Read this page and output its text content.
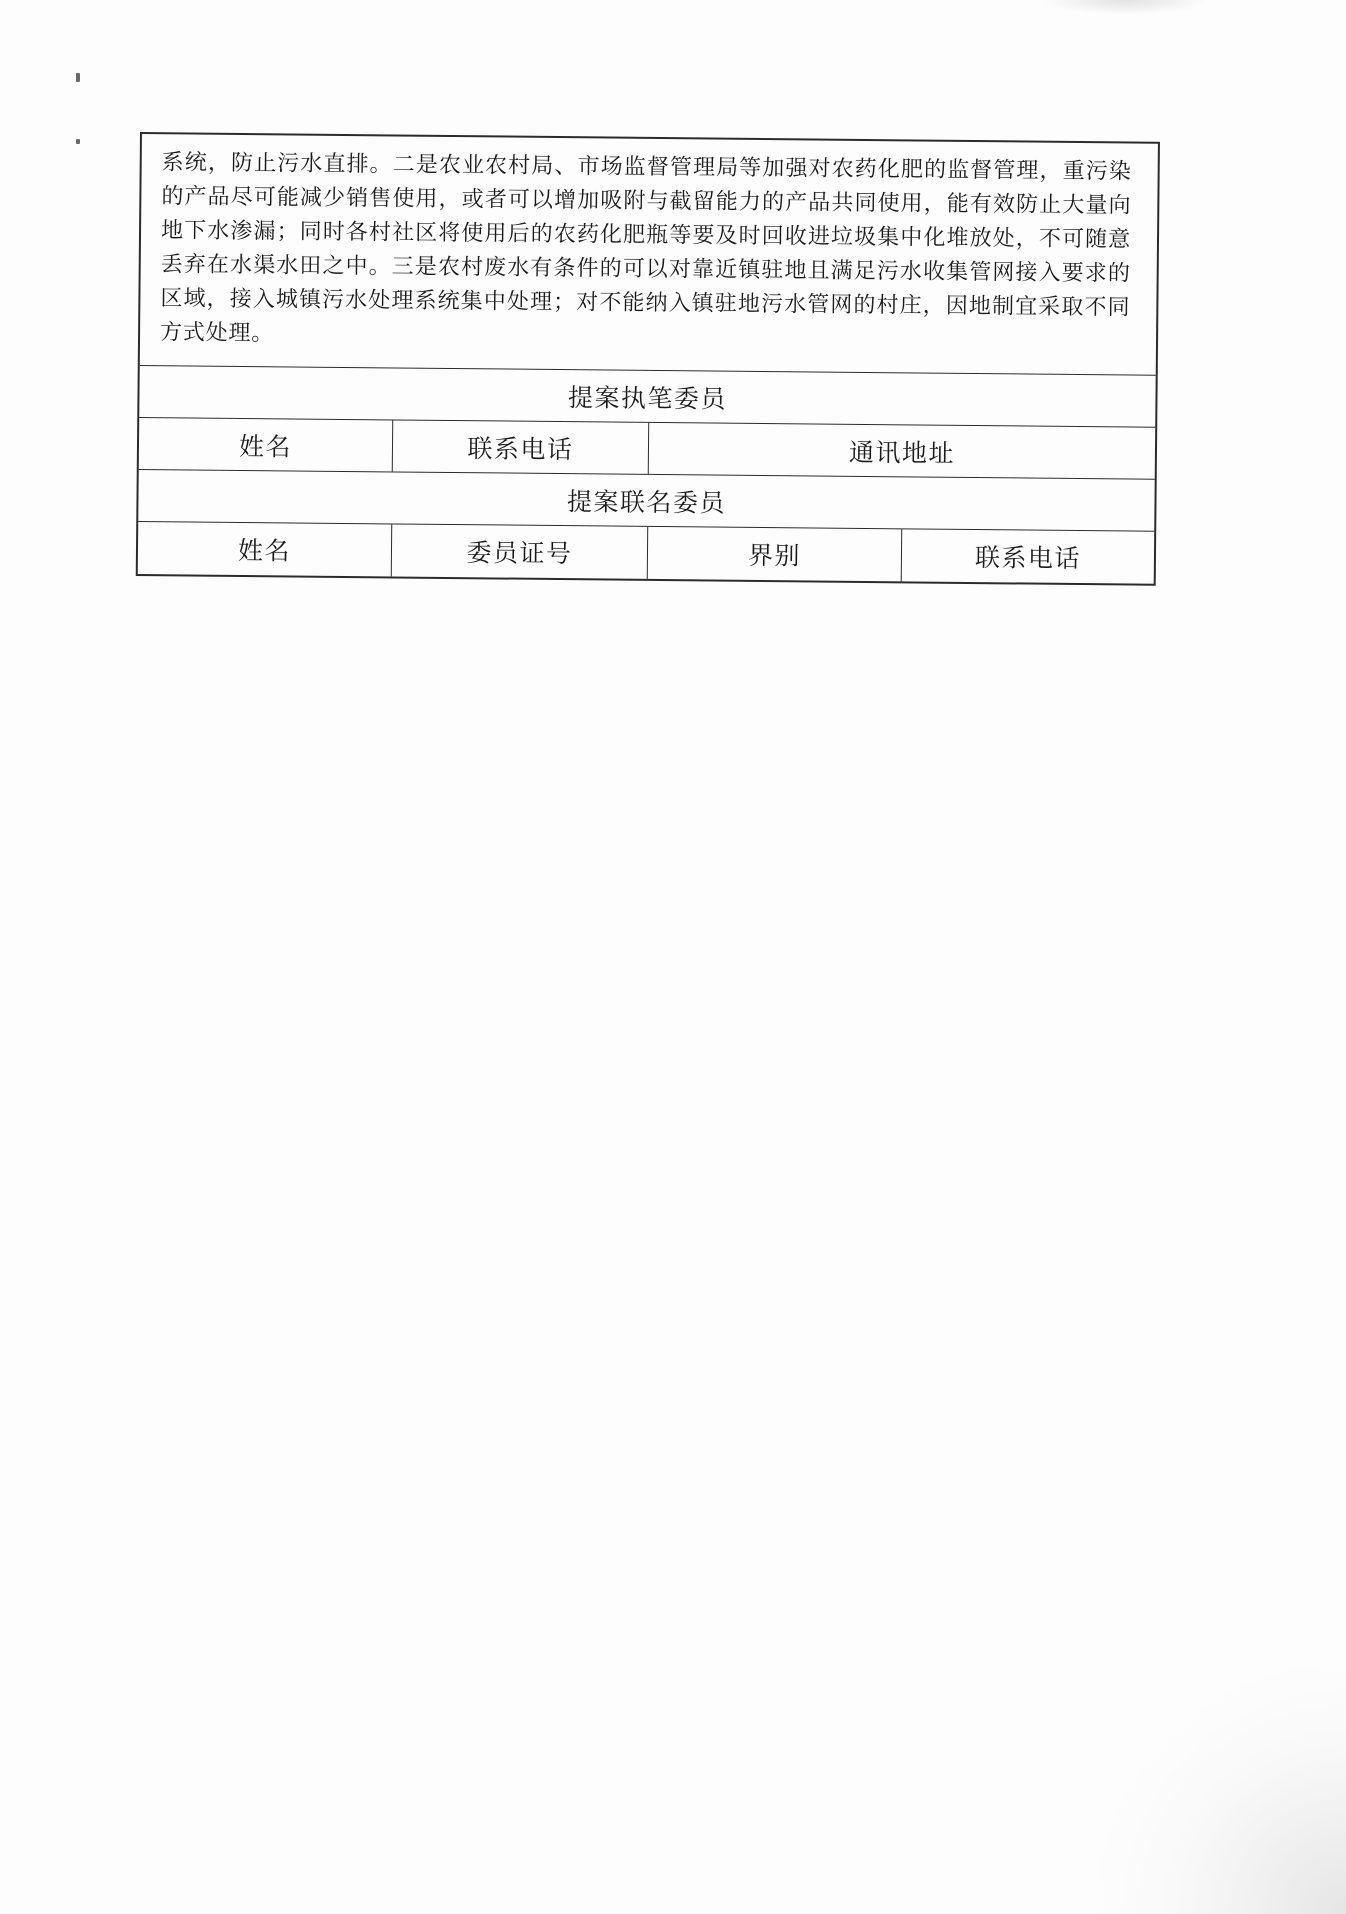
系统，防止污水直排。二是农业农村局、市场监督管理局等加强对农药化肥的监督管理，重污染的产品尽可能减少销售使用，或者可以增加吸附与截留能力的产品共同使用，能有效防止大量向地下水渗漏；同时各村社区将使用后的农药化肥瓶等要及时回收进垃圾集中化堆放处，不可随意丢弃在水渠水田之中。三是农村废水有条件的可以对靠近镇驻地且满足污水收集管网接入要求的区域，接入城镇污水处理系统集中处理；对不能纳入镇驻地污水管网的村庄，因地制宜采取不同方式处理。
提案执笔委员
姓名	联系电话	通讯地址
提案联名委员
姓名	委员证号	界别	联系电话
